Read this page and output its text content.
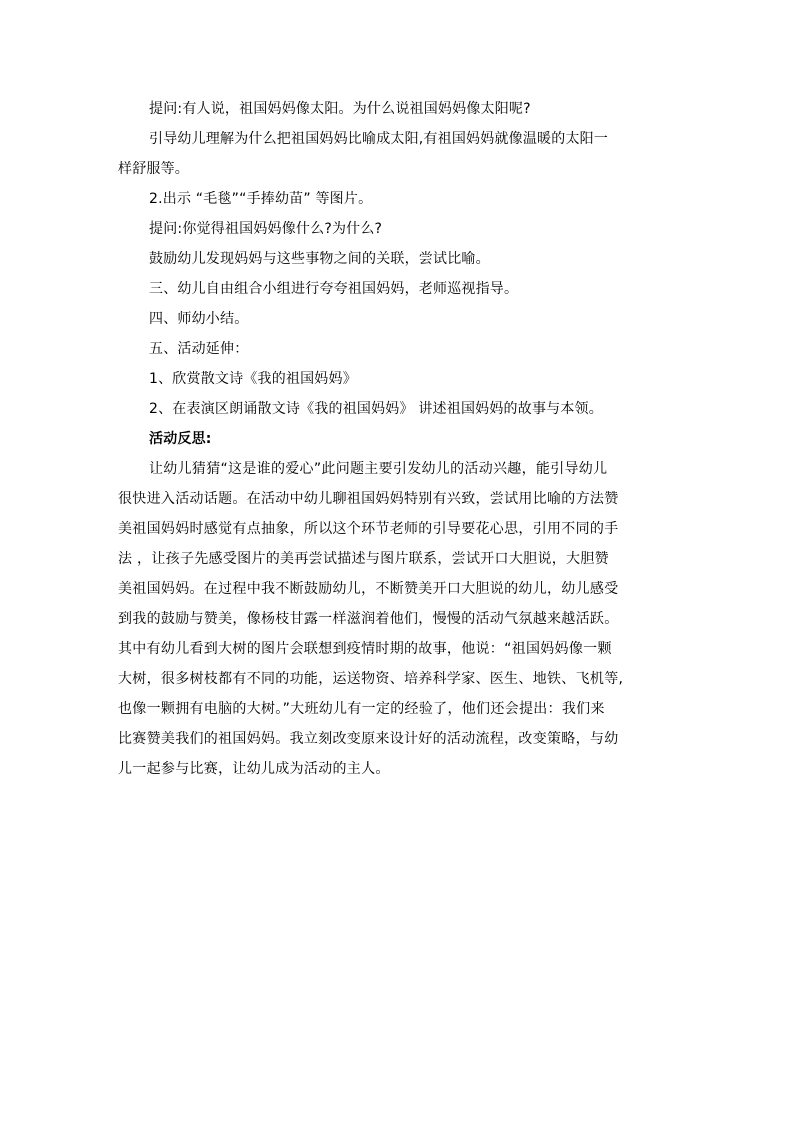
提问:有人说，祖国妈妈像太阳。为什么说祖国妈妈像太阳呢?
引导幼儿理解为什么把祖国妈妈比喻成太阳,有祖国妈妈就像温暖的太阳一
样舒服等。
2.出示 “毛毯”“手捧幼苗” 等图片。
提问:你觉得祖国妈妈像什么?为什么?
鼓励幼儿发现妈妈与这些事物之间的关联，尝试比喻。
三、幼儿自由组合小组进行夸夸祖国妈妈，老师巡视指导。
四、师幼小结。
五、活动延伸：
1、欣赏散文诗《我的祖国妈妈》
2、在表演区朗诵散文诗《我的祖国妈妈》 讲述祖国妈妈的故事与本领。
活动反思:
让幼儿猜猜“这是谁的爱心”此问题主要引发幼儿的活动兴趣，能引导幼儿
很快进入活动话题。在活动中幼儿聊祖国妈妈特别有兴致，尝试用比喻的方法赞
美祖国妈妈时感觉有点抽象，所以这个环节老师的引导要花心思，引用不同的手
法 ，让孩子先感受图片的美再尝试描述与图片联系，尝试开口大胆说，大胆赞
美祖国妈妈。在过程中我不断鼓励幼儿，不断赞美开口大胆说的幼儿，幼儿感受
到我的鼓励与赞美，像杨枝甘露一样滋润着他们，慢慢的活动气氛越来越活跃。
其中有幼儿看到大树的图片会联想到疫情时期的故事，他说：“祖国妈妈像一颗
大树，很多树枝都有不同的功能，运送物资、培养科学家、医生、地铁、飞机等,
也像一颗拥有电脑的大树。”大班幼儿有一定的经验了，他们还会提出：我们来
比赛赞美我们的祖国妈妈。我立刻改变原来设计好的活动流程，改变策略，与幼
儿一起参与比赛，让幼儿成为活动的主人。
